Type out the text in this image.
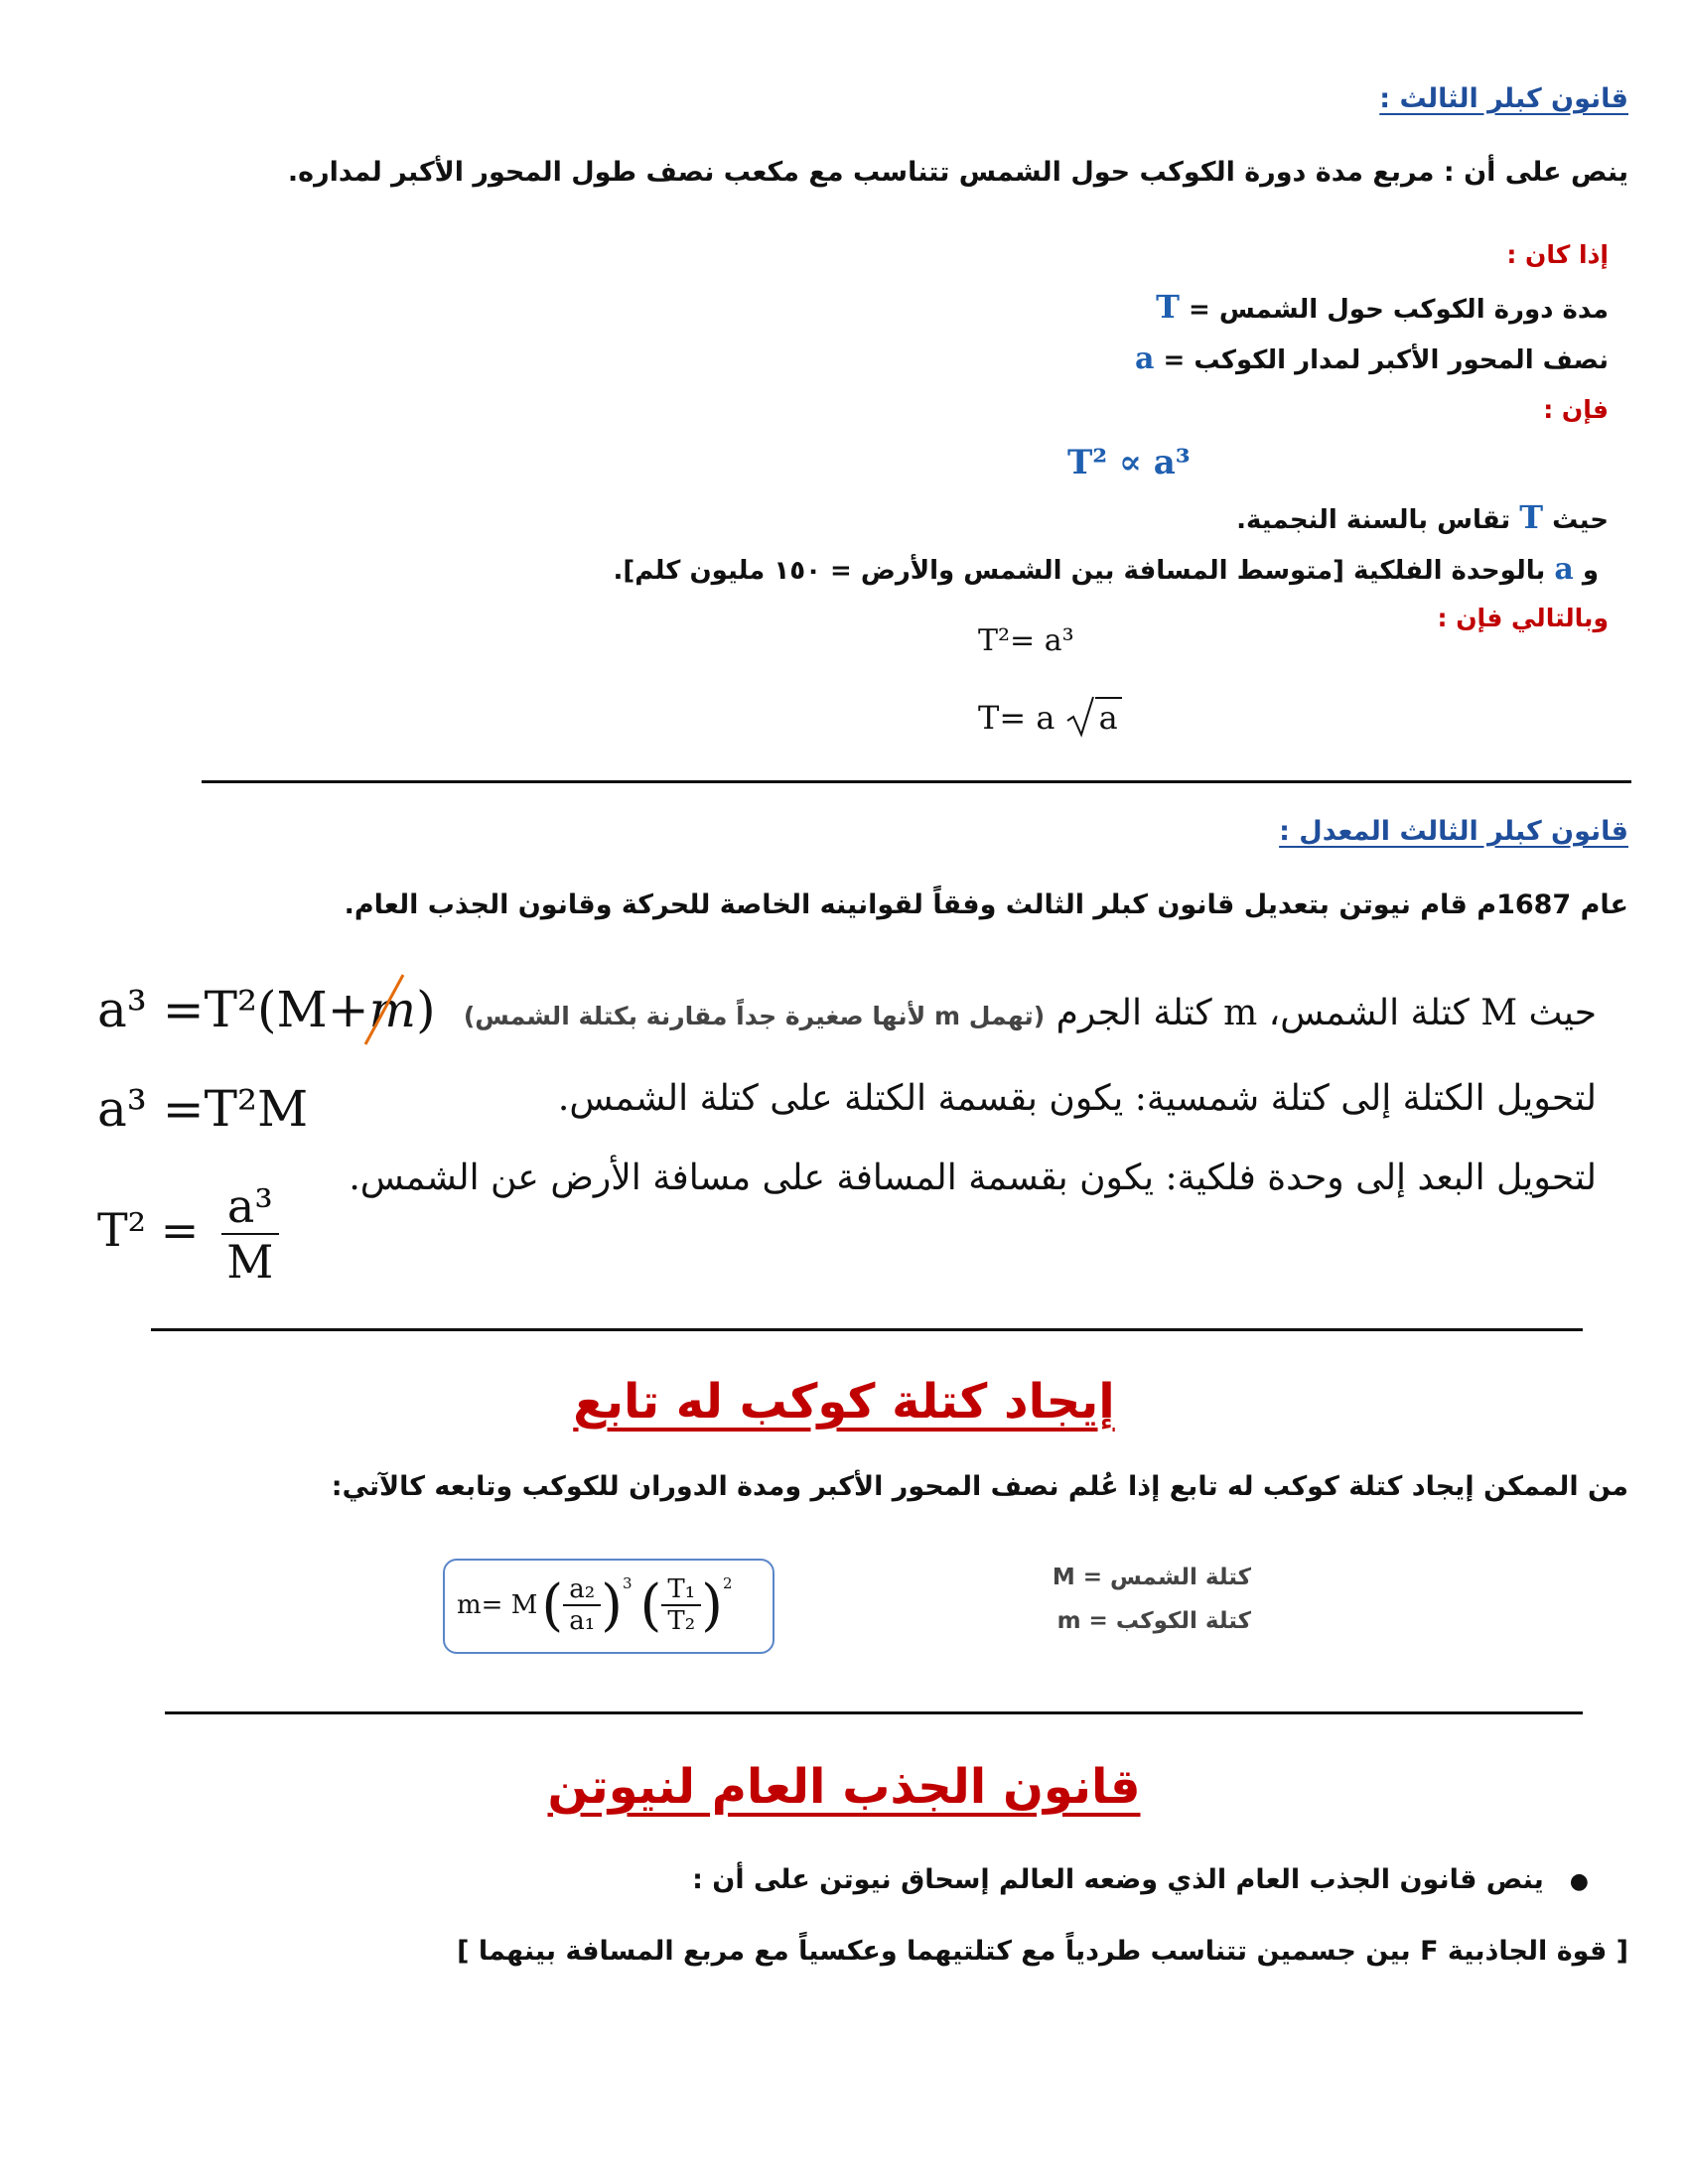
قانون كبلر الثالث :
ينص على أن : مربع مدة دورة الكوكب حول الشمس تتناسب مع مكعب نصف طول المحور الأكبر لمداره.
إذا كان :
مدة دورة الكوكب حول الشمس = T
نصف المحور الأكبر لمدار الكوكب = a
فإن :
T² ∝ a³
حيث T تقاس بالسنة النجمية.
و a بالوحدة الفلكية [متوسط المسافة بين الشمس والأرض = ١٥٠ مليون كلم].
وبالتالي فإن :
T²= a³
T= a a
قانون كبلر الثالث المعدل :
عام 1687م قام نيوتن بتعديل قانون كبلر الثالث وفقاً لقوانينه الخاصة للحركة وقانون الجذب العام.
a³ =T²(M+m
)
a³ =T²M
$T^2 = \frac{\text{a³}}{M}$
حيث M كتلة الشمس، m كتلة الجرم (تهمل m لأنها صغيرة جداً مقارنة بكتلة الشمس)
لتحويل الكتلة إلى كتلة شمسية: يكون بقسمة الكتلة على كتلة الشمس.
لتحويل البعد إلى وحدة فلكية: يكون بقسمة المسافة على مسافة الأرض عن الشمس.
إيجاد كتلة كوكب له تابع
من الممكن إيجاد كتلة كوكب له تابع إذا عُلم نصف المحور الأكبر ومدة الدوران للكوكب وتابعه كالآتي:
m= M ( $\frac{\text{a₂}}{\text{a₁}}$ ) 3 ( $\frac{\text{T₁}}{\text{T₂}}$ ) 2	M = كتلة الشمس
m = كتلة الكوكب
قانون الجذب العام لنيوتن
●ينص قانون الجذب العام الذي وضعه العالم إسحاق نيوتن على أن :
[ قوة الجاذبية F بين جسمين تتناسب طردياً مع كتلتيهما وعكسياً مع مربع المسافة بينهما ]
